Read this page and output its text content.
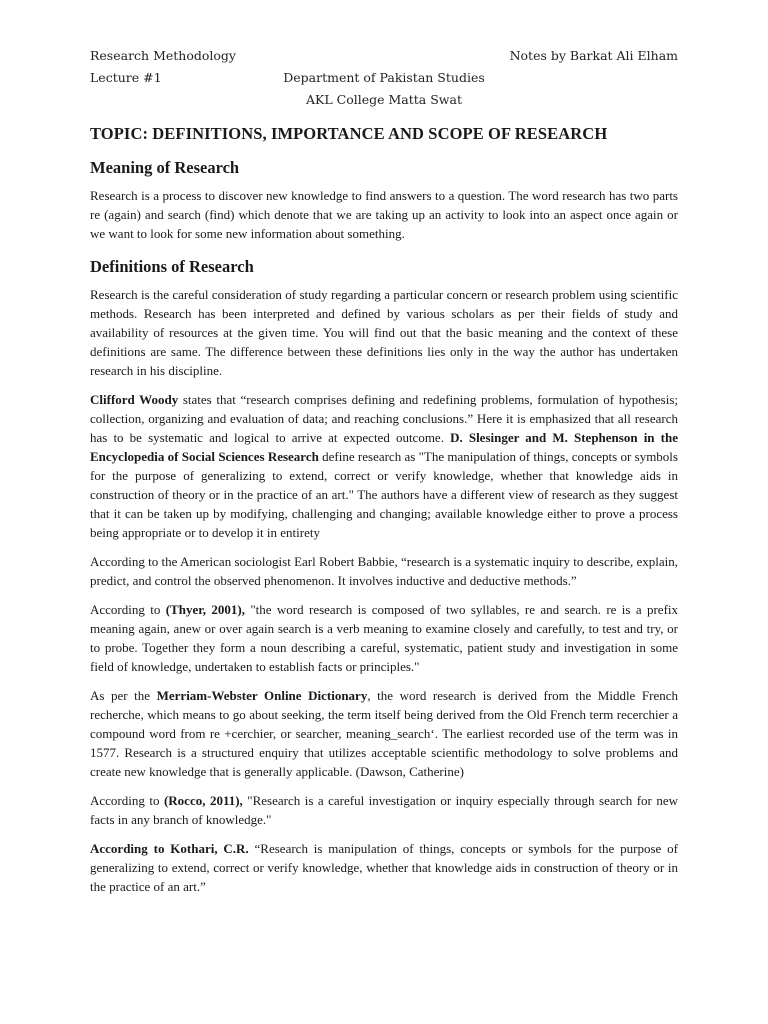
Research Methodology	Notes by Barkat Ali Elham
Lecture #1	Department of Pakistan Studies
AKL College Matta Swat
TOPIC: DEFINITIONS, IMPORTANCE AND SCOPE OF RESEARCH
Meaning of Research

Research is a process to discover new knowledge to find answers to a question. The word research has two parts re (again) and search (find) which denote that we are taking up an activity to look into an aspect once again or we want to look for some new information about something.

Definitions of Research

Research is the careful consideration of study regarding a particular concern or research problem using scientific methods. Research has been interpreted and defined by various scholars as per their fields of study and availability of resources at the given time. You will find out that the basic meaning and the context of these definitions are same. The difference between these definitions lies only in the way the author has undertaken research in his discipline.

Clifford Woody states that “research comprises defining and redefining problems, formulation of hypothesis; collection, organizing and evaluation of data; and reaching conclusions.” Here it is emphasized that all research has to be systematic and logical to arrive at expected outcome. D. Slesinger and M. Stephenson in the Encyclopedia of Social Sciences Research define research as "The manipulation of things, concepts or symbols for the purpose of generalizing to extend, correct or verify knowledge, whether that knowledge aids in construction of theory or in the practice of an art." The authors have a different view of research as they suggest that it can be taken up by modifying, challenging and changing; available knowledge either to prove a process being appropriate or to develop it in entirety

According to the American sociologist Earl Robert Babbie, “research is a systematic inquiry to describe, explain, predict, and control the observed phenomenon. It involves inductive and deductive methods.”

According to (Thyer, 2001), "the word research is composed of two syllables, re and search. re is a prefix meaning again, anew or over again search is a verb meaning to examine closely and carefully, to test and try, or to probe. Together they form a noun describing a careful, systematic, patient study and investigation in some field of knowledge, undertaken to establish facts or principles."

As per the Merriam-Webster Online Dictionary, the word research is derived from the Middle French recherche, which means to go about seeking, the term itself being derived from the Old French term recerchier a compound word from re +cerchier, or searcher, meaning_search‘. The earliest recorded use of the term was in 1577. Research is a structured enquiry that utilizes acceptable scientific methodology to solve problems and create new knowledge that is generally applicable. (Dawson, Catherine)

According to (Rocco, 2011), "Research is a careful investigation or inquiry especially through search for new facts in any branch of knowledge."

According to Kothari, C.R. “Research is manipulation of things, concepts or symbols for the purpose of generalizing to extend, correct or verify knowledge, whether that knowledge aids in construction of theory or in the practice of an art.”
